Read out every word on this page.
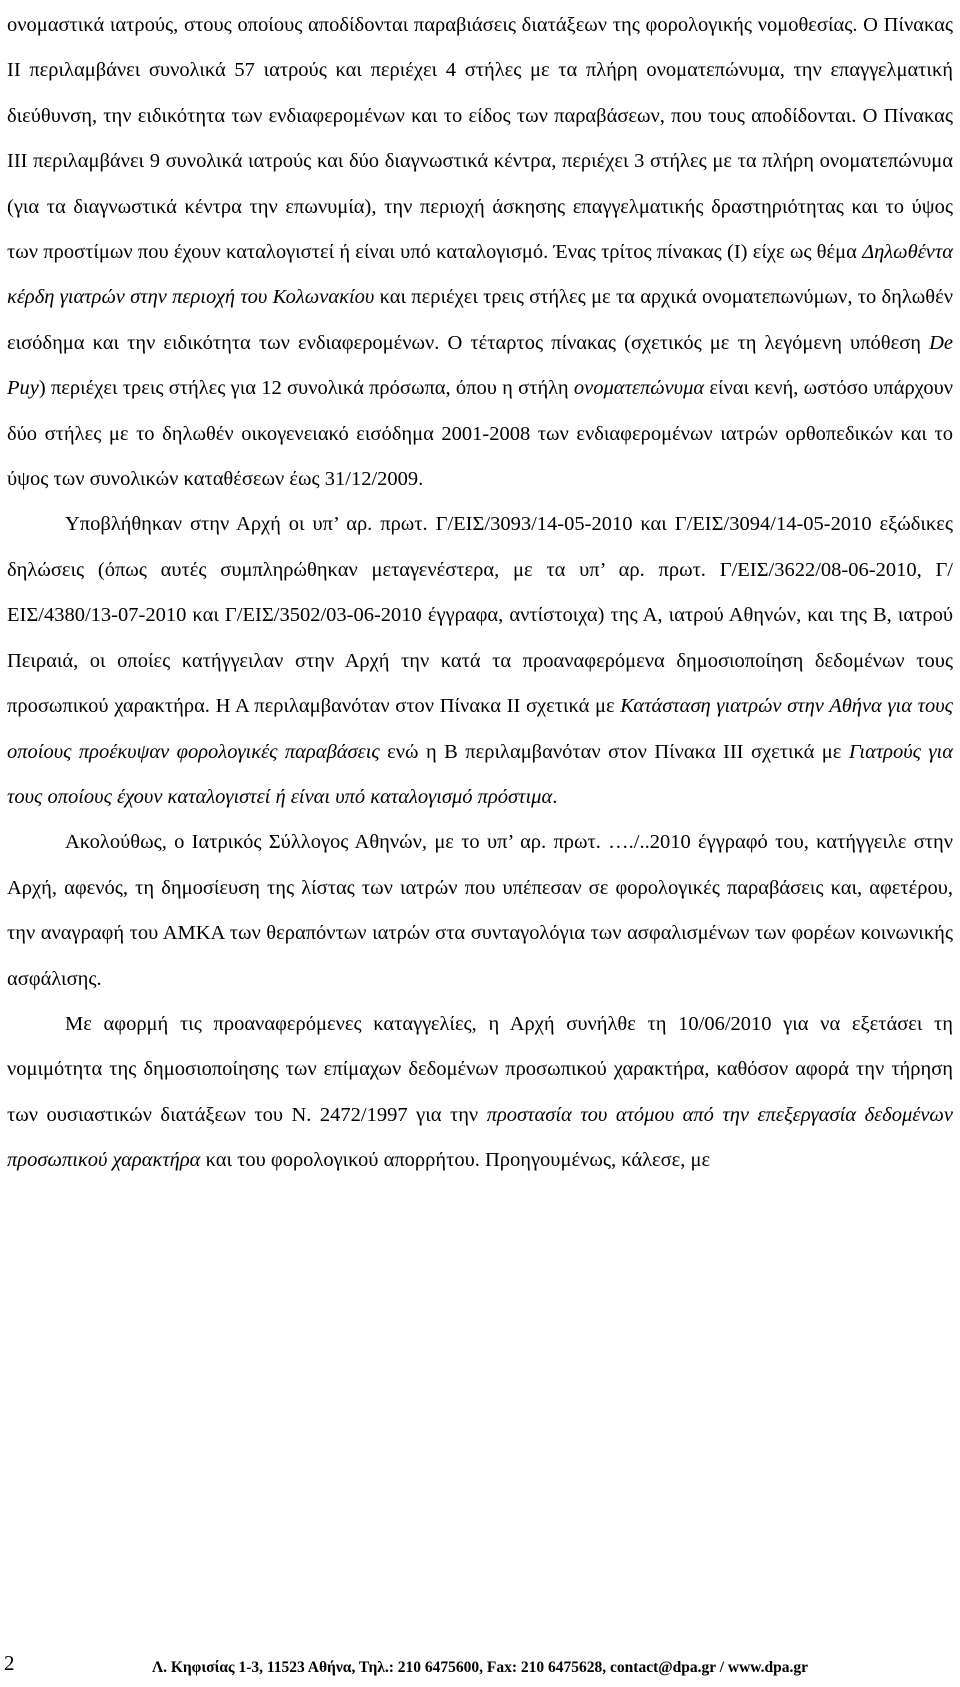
ονομαστικά ιατρούς, στους οποίους αποδίδονται παραβιάσεις διατάξεων της φορολογικής νομοθεσίας. Ο Πίνακας ΙΙ περιλαμβάνει συνολικά 57 ιατρούς και περιέχει 4 στήλες με τα πλήρη ονοματεπώνυμα, την επαγγελματική διεύθυνση, την ειδικότητα των ενδιαφερομένων και το είδος των παραβάσεων, που τους αποδίδονται. Ο Πίνακας ΙΙΙ περιλαμβάνει 9 συνολικά ιατρούς και δύο διαγνωστικά κέντρα, περιέχει 3 στήλες με τα πλήρη ονοματεπώνυμα (για τα διαγνωστικά κέντρα την επωνυμία), την περιοχή άσκησης επαγγελματικής δραστηριότητας και το ύψος των προστίμων που έχουν καταλογιστεί ή είναι υπό καταλογισμό. Ένας τρίτος πίνακας (Ι) είχε ως θέμα Δηλωθέντα κέρδη γιατρών στην περιοχή του Κολωνακίου και περιέχει τρεις στήλες με τα αρχικά ονοματεπωνύμων, το δηλωθέν εισόδημα και την ειδικότητα των ενδιαφερομένων. Ο τέταρτος πίνακας (σχετικός με τη λεγόμενη υπόθεση De Puy) περιέχει τρεις στήλες για 12 συνολικά πρόσωπα, όπου η στήλη ονοματεπώνυμα είναι κενή, ωστόσο υπάρχουν δύο στήλες με το δηλωθέν οικογενειακό εισόδημα 2001-2008 των ενδιαφερομένων ιατρών ορθοπεδικών και το ύψος των συνολικών καταθέσεων έως 31/12/2009.

Υποβλήθηκαν στην Αρχή οι υπ’ αρ. πρωτ. Γ/ΕΙΣ/3093/14-05-2010 και Γ/ΕΙΣ/3094/14-05-2010 εξώδικες δηλώσεις (όπως αυτές συμπληρώθηκαν μεταγενέστερα, με τα υπ’ αρ. πρωτ. Γ/ΕΙΣ/3622/08-06-2010, Γ/ΕΙΣ/4380/13-07-2010 και Γ/ΕΙΣ/3502/03-06-2010 έγγραφα, αντίστοιχα) της Α, ιατρού Αθηνών, και της Β, ιατρού Πειραιά, οι οποίες κατήγγειλαν στην Αρχή την κατά τα προαναφερόμενα δημοσιοποίηση δεδομένων τους προσωπικού χαρακτήρα. Η Α περιλαμβανόταν στον Πίνακα ΙΙ σχετικά με Κατάσταση γιατρών στην Αθήνα για τους οποίους προέκυψαν φορολογικές παραβάσεις ενώ η Β περιλαμβανόταν στον Πίνακα ΙΙΙ σχετικά με Γιατρούς για τους οποίους έχουν καταλογιστεί ή είναι υπό καταλογισμό πρόστιμα.

Ακολούθως, ο Ιατρικός Σύλλογος Αθηνών, με το υπ’ αρ. πρωτ. …./..2010 έγγραφό του, κατήγγειλε στην Αρχή, αφενός, τη δημοσίευση της λίστας των ιατρών που υπέπεσαν σε φορολογικές παραβάσεις και, αφετέρου, την αναγραφή του ΑΜΚΑ των θεραπόντων ιατρών στα συνταγολόγια των ασφαλισμένων των φορέων κοινωνικής ασφάλισης.

Με αφορμή τις προαναφερόμενες καταγγελίες, η Αρχή συνήλθε τη 10/06/2010 για να εξετάσει τη νομιμότητα της δημοσιοποίησης των επίμαχων δεδομένων προσωπικού χαρακτήρα, καθόσον αφορά την τήρηση των ουσιαστικών διατάξεων του Ν. 2472/1997 για την προστασία του ατόμου από την επεξεργασία δεδομένων προσωπικού χαρακτήρα και του φορολογικού απορρήτου. Προηγουμένως, κάλεσε, με

2	Λ. Κηφισίας 1-3, 11523 Αθήνα, Τηλ.: 210 6475600, Fax: 210 6475628, contact@dpa.gr / www.dpa.gr
